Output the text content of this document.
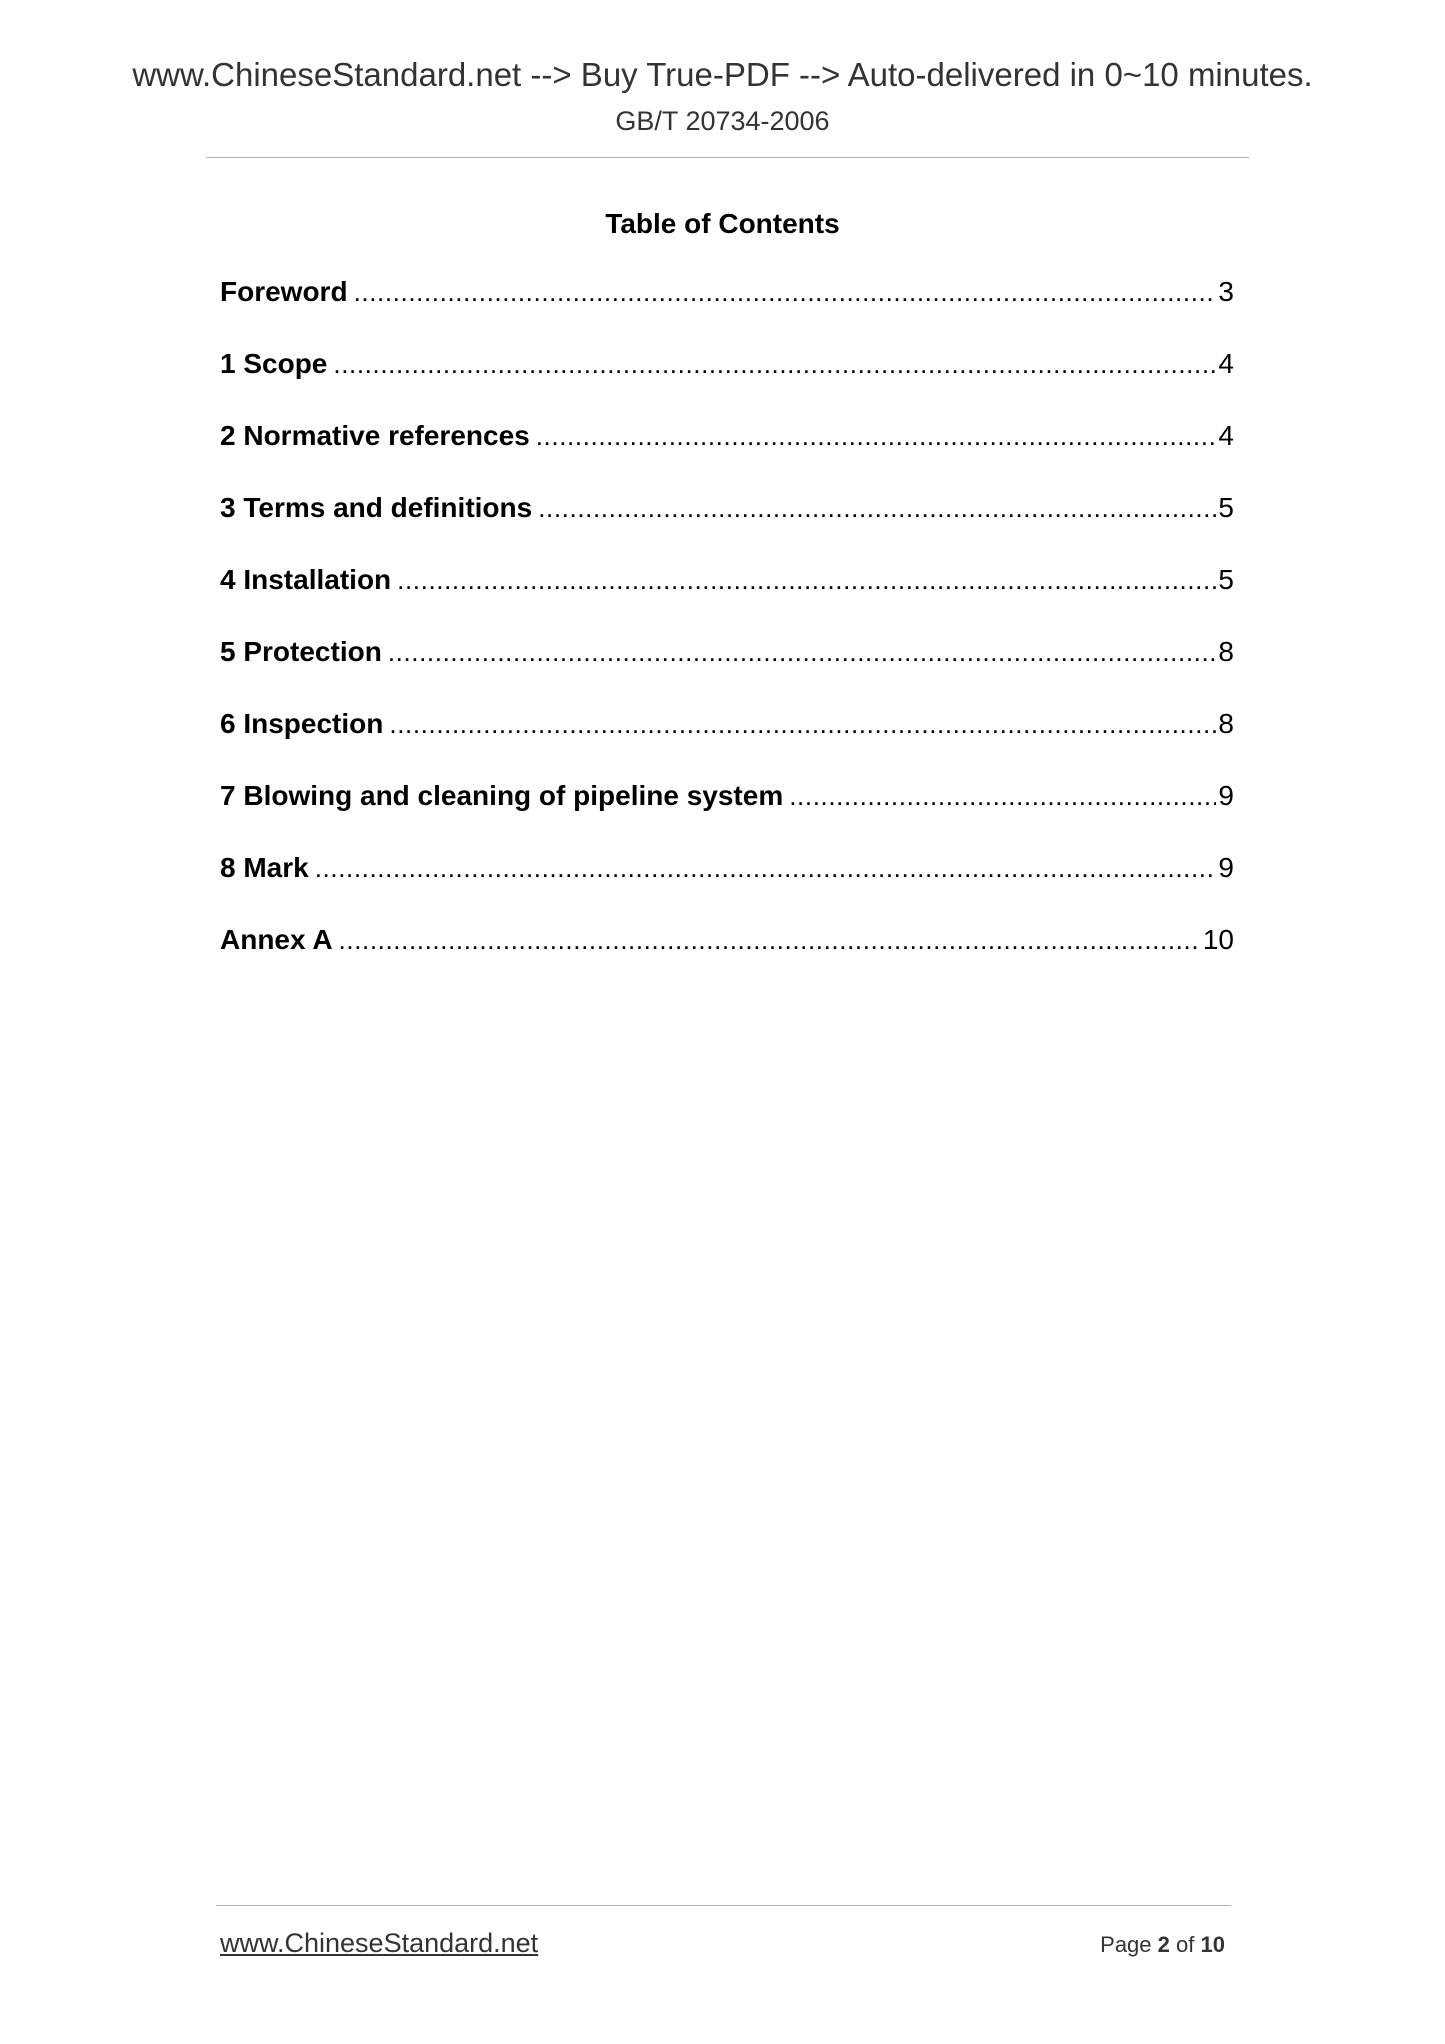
www.ChineseStandard.net --> Buy True-PDF --> Auto-delivered in 0~10 minutes.
GB/T 20734-2006
Table of Contents
Foreword .....	3
1 Scope .....	4
2 Normative references .....	4
3 Terms and definitions .....	5
4 Installation .....	5
5 Protection .....	8
6 Inspection .....	8
7 Blowing and cleaning of pipeline system .....	9
8 Mark .....	9
Annex A .....	10
www.ChineseStandard.net	Page 2 of 10
